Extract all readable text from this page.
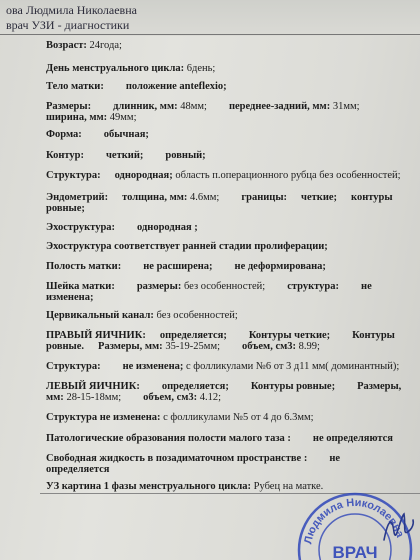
ова Людмила Николаевна
врач УЗИ - диагностики
Возраст: 24года;
День менструального цикла: 6день;
Тело матки: положение anteflexio;
Размеры: длинник, мм: 48мм; переднее-задний, мм: 31мм;
ширина, мм: 49мм;
Форма: обычная;
Контур: четкий; ровный;
Структура: однородная; область п.операционного рубца без особенностей;
Эндометрий: толщина, мм: 4.6мм; границы: четкие; контуры
ровные;
Эхоструктура: однородная ;
Эхоструктура соответствует ранней стадии пролиферации;
Полость матки: не расширена; не деформирована;
Шейка матки: размеры: без особенностей; структура: не
изменена;
Цервикальный канал: без особенностей;
ПРАВЫЙ ЯИЧНИК: определяется; Контуры четкие; Контуры
ровные. Размеры, мм: 35-19-25мм; объем, см3: 8.99;
Структура: не изменена; с фолликулами №6 от 3 д11 мм( доминантный);
ЛЕВЫЙ ЯИЧНИК: определяется; Контуры ровные; Размеры,
мм: 28-15-18мм; объем, см3: 4.12;
Структура не изменена: с фолликулами №5 от 4 до 6.3мм;
Патологические образования полости малого таза : не определяются
Свободная жидкость в позадиматочном пространстве : не
определяется
УЗ картина 1 фазы менструального цикла: Рубец на матке.
Людмила Николаевна
ВРАЧ
